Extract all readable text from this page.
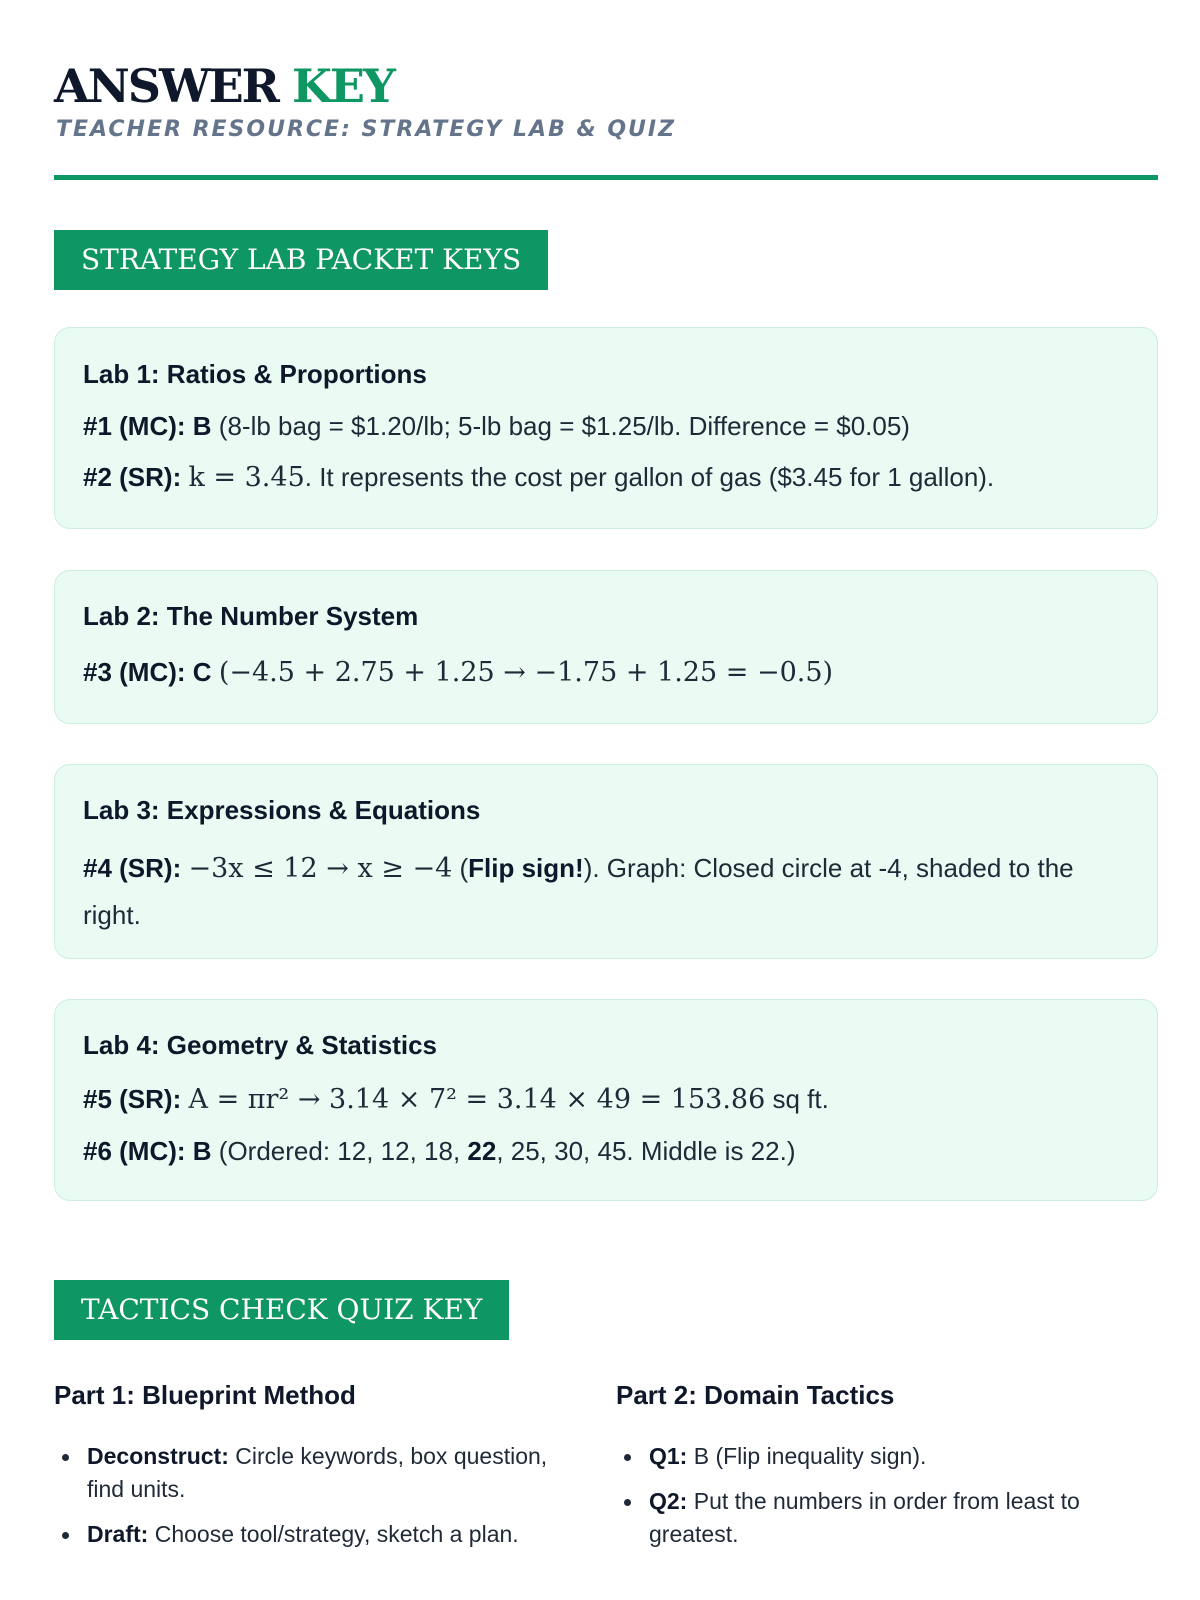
ANSWER KEY
TEACHER RESOURCE: STRATEGY LAB & QUIZ
STRATEGY LAB PACKET KEYS
Lab 1: Ratios & Proportions
#1 (MC): B (8-lb bag = $1.20/lb; 5-lb bag = $1.25/lb. Difference = $0.05)
#2 (SR): k = 3.45. It represents the cost per gallon of gas ($3.45 for 1 gallon).
Lab 2: The Number System
#3 (MC): C (−4.5 + 2.75 + 1.25 → −1.75 + 1.25 = −0.5)
Lab 3: Expressions & Equations
#4 (SR): −3x ≤ 12 → x ≥ −4 (Flip sign!). Graph: Closed circle at -4, shaded to the right.
Lab 4: Geometry & Statistics
#5 (SR): A = πr² → 3.14 × 7² = 3.14 × 49 = 153.86 sq ft.
#6 (MC): B (Ordered: 12, 12, 18, 22, 25, 30, 45. Middle is 22.)
TACTICS CHECK QUIZ KEY
Part 1: Blueprint Method
Deconstruct: Circle keywords, box question, find units.
Draft: Choose tool/strategy, sketch a plan.
Part 2: Domain Tactics
Q1: B (Flip inequality sign).
Q2: Put the numbers in order from least to greatest.
